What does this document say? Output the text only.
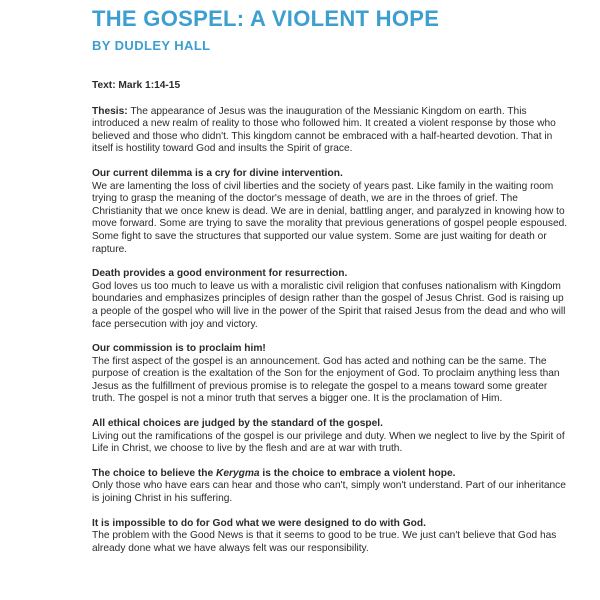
THE GOSPEL: A VIOLENT HOPE
BY DUDLEY HALL

Text: Mark 1:14-15

Thesis: The appearance of Jesus was the inauguration of the Messianic Kingdom on earth. This introduced a new realm of reality to those who followed him. It created a violent response by those who believed and those who didn't. This kingdom cannot be embraced with a half-hearted devotion. That in itself is hostility toward God and insults the Spirit of grace.

Our current dilemma is a cry for divine intervention.

We are lamenting the loss of civil liberties and the society of years past. Like family in the waiting room trying to grasp the meaning of the doctor's message of death, we are in the throes of grief. The Christianity that we once knew is dead. We are in denial, battling anger, and paralyzed in knowing how to move forward. Some are trying to save the morality that previous generations of gospel people espoused. Some fight to save the structures that supported our value system. Some are just waiting for death or rapture.

Death provides a good environment for resurrection.

God loves us too much to leave us with a moralistic civil religion that confuses nationalism with Kingdom boundaries and emphasizes principles of design rather than the gospel of Jesus Christ. God is raising up a people of the gospel who will live in the power of the Spirit that raised Jesus from the dead and who will face persecution with joy and victory.

Our commission is to proclaim him!

The first aspect of the gospel is an announcement. God has acted and nothing can be the same. The purpose of creation is the exaltation of the Son for the enjoyment of God. To proclaim anything less than Jesus as the fulfillment of previous promise is to relegate the gospel to a means toward some greater truth. The gospel is not a minor truth that serves a bigger one. It is the proclamation of Him.

All ethical choices are judged by the standard of the gospel.

Living out the ramifications of the gospel is our privilege and duty. When we neglect to live by the Spirit of Life in Christ, we choose to live by the flesh and are at war with truth.

The choice to believe the Kerygma is the choice to embrace a violent hope.

Only those who have ears can hear and those who can't, simply won't understand. Part of our inheritance is joining Christ in his suffering.

It is impossible to do for God what we were designed to do with God.

The problem with the Good News is that it seems to good to be true. We just can't believe that God has already done what we have always felt was our responsibility.
